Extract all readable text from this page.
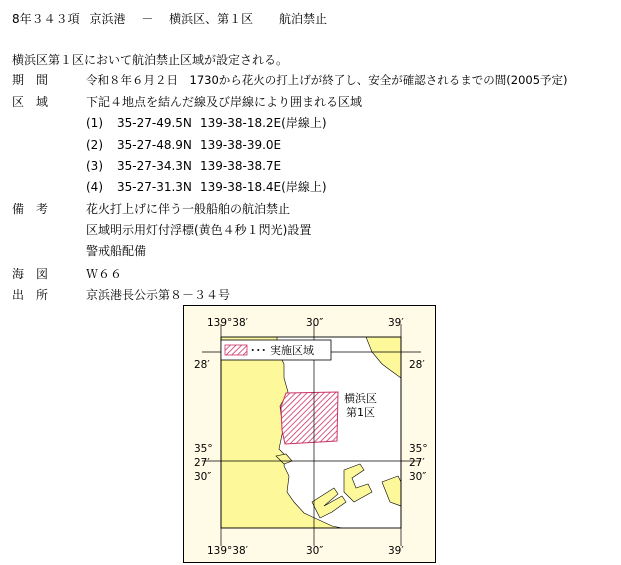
8年３４３項 京浜港 － 横浜区、第１区 航泊禁止
横浜区第１区において航泊禁止区域が設定される。
期　間	令和８年６月２日　1730から花火の打上げが終了し、安全が確認されるまでの間(2005予定)
区　域	下記４地点を結んだ線及び岸線により囲まれる区域
(1) 35-27-49.5N 139-38-18.2E(岸線上)
(2) 35-27-48.9N 139-38-39.0E
(3) 35-27-34.3N 139-38-38.7E
(4) 35-27-31.3N 139-38-18.4E(岸線上)
備　考	花火打上げに伴う一般船舶の航泊禁止
区域明示用灯付浮標(黄色４秒１閃光)設置
警戒船配備
海　図	Ｗ６６
出　所	京浜港長公示第８－３４号
･･･ 実施区域
横浜区
第1区
139°38′	30″	39′
139°38′	30″	39′
28′
35°
27′
30″
28′
35°
27′
30″
